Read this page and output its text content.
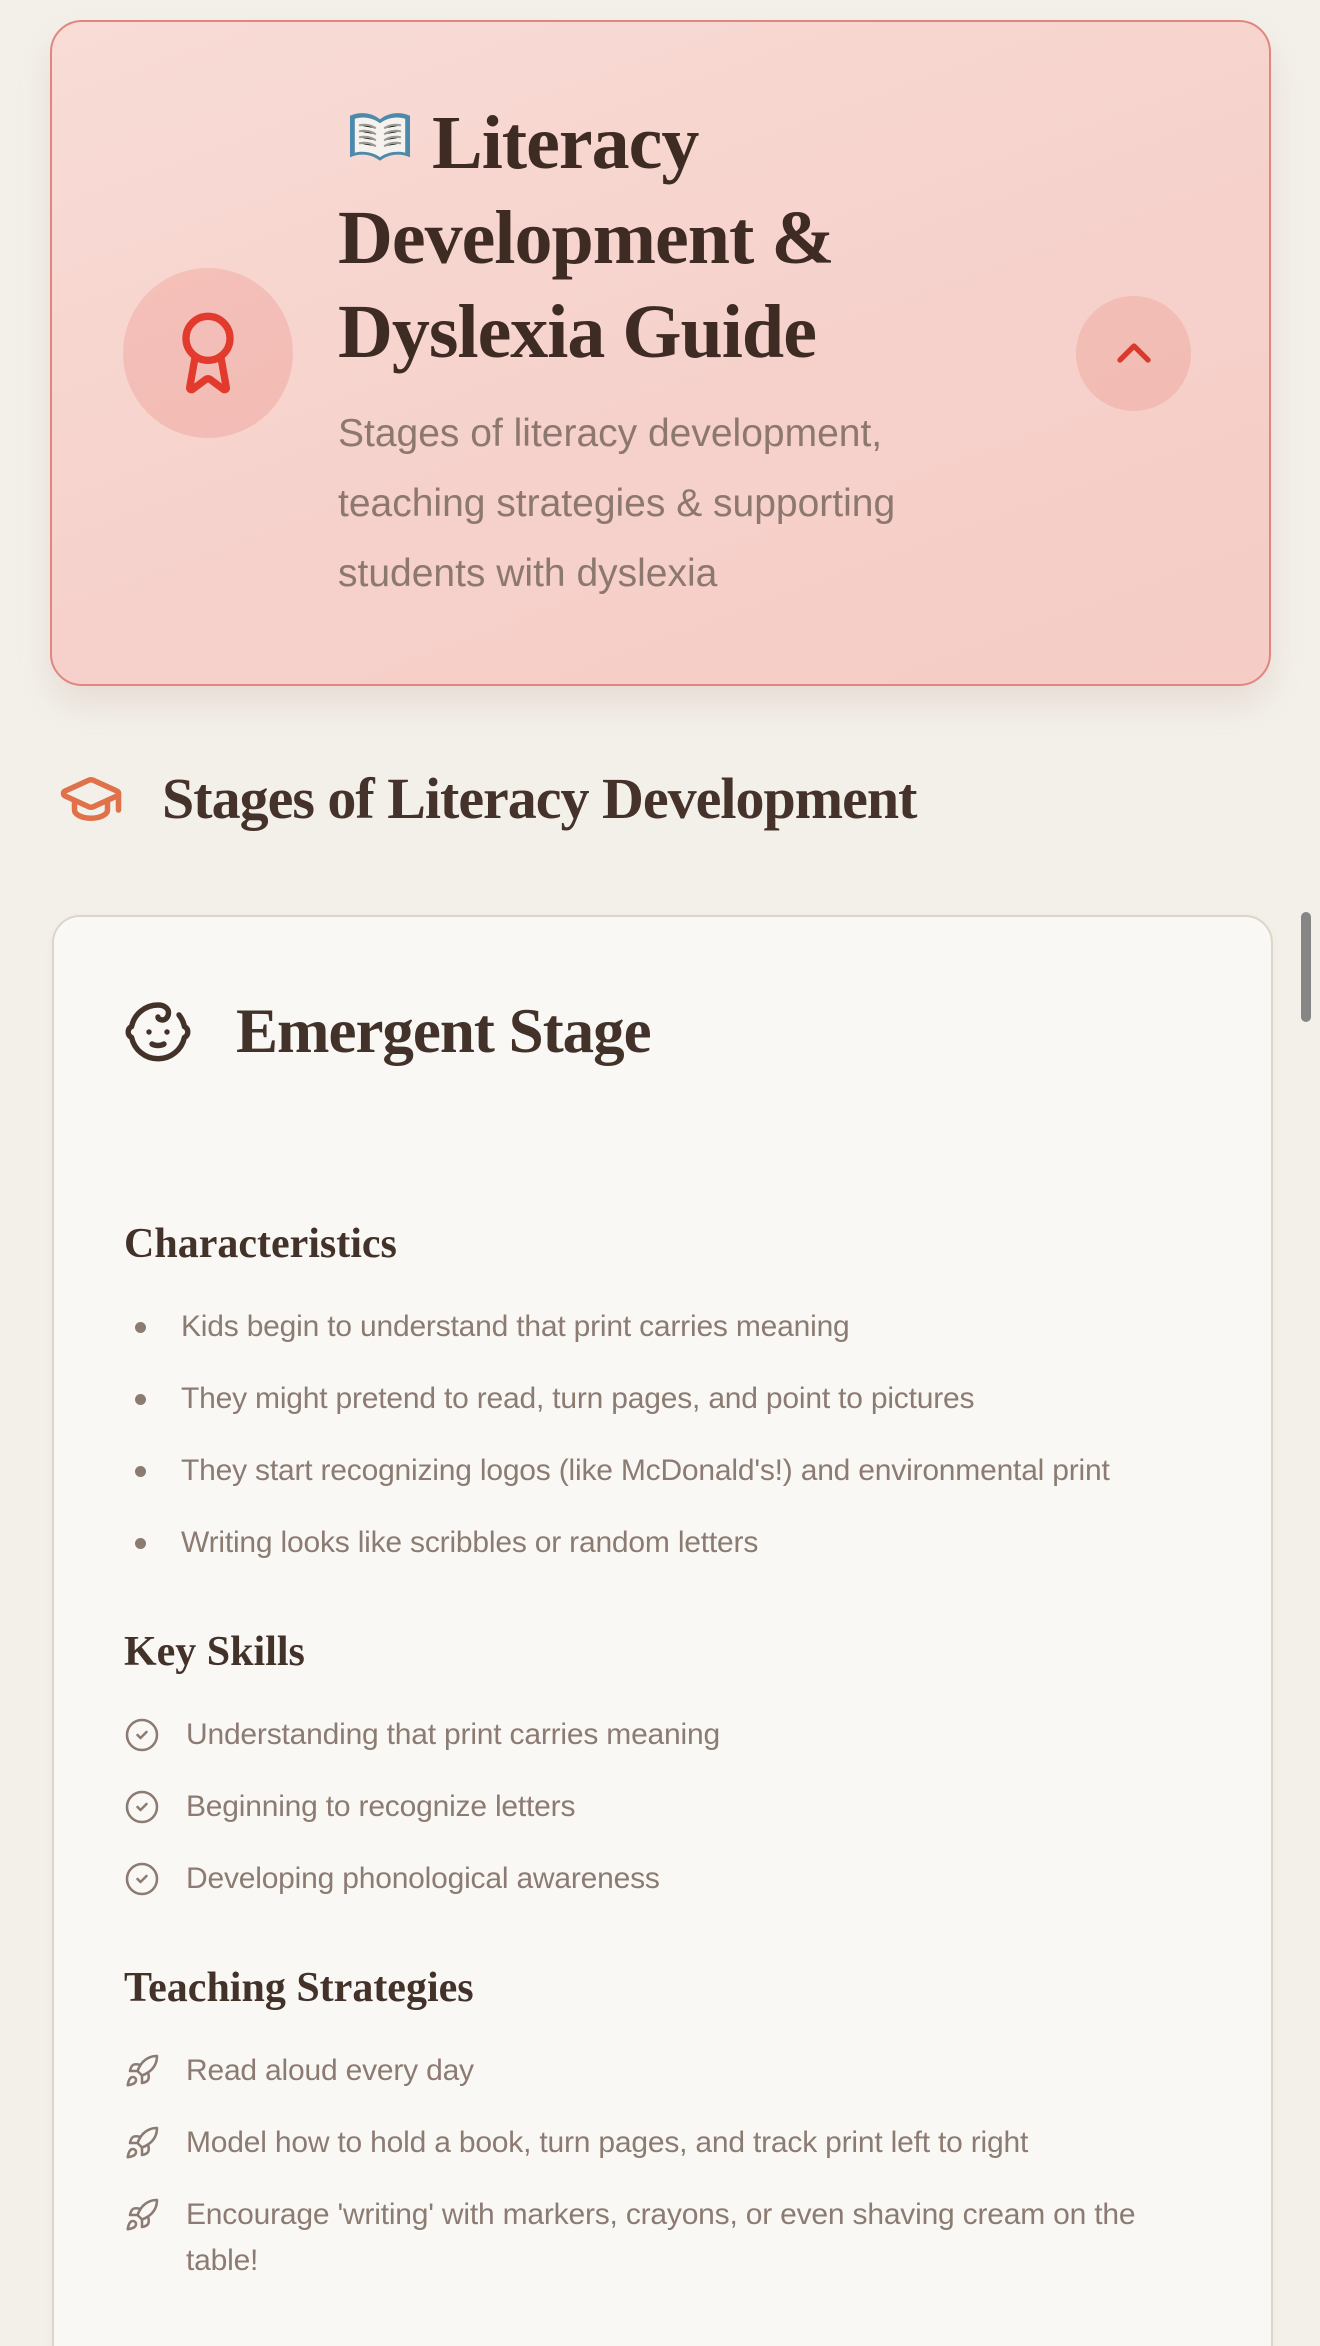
Literacy Development & Dyslexia Guide

Stages of literacy development, teaching strategies & supporting students with dyslexia

Stages of Literacy Development
Emergent Stage
Characteristics
Kids begin to understand that print carries meaning
They might pretend to read, turn pages, and point to pictures
They start recognizing logos (like McDonald's!) and environmental print
Writing looks like scribbles or random letters
Key Skills
Understanding that print carries meaning
Beginning to recognize letters
Developing phonological awareness
Teaching Strategies
Read aloud every day
Model how to hold a book, turn pages, and track print left to right
Encourage 'writing' with markers, crayons, or even shaving cream on the table!
